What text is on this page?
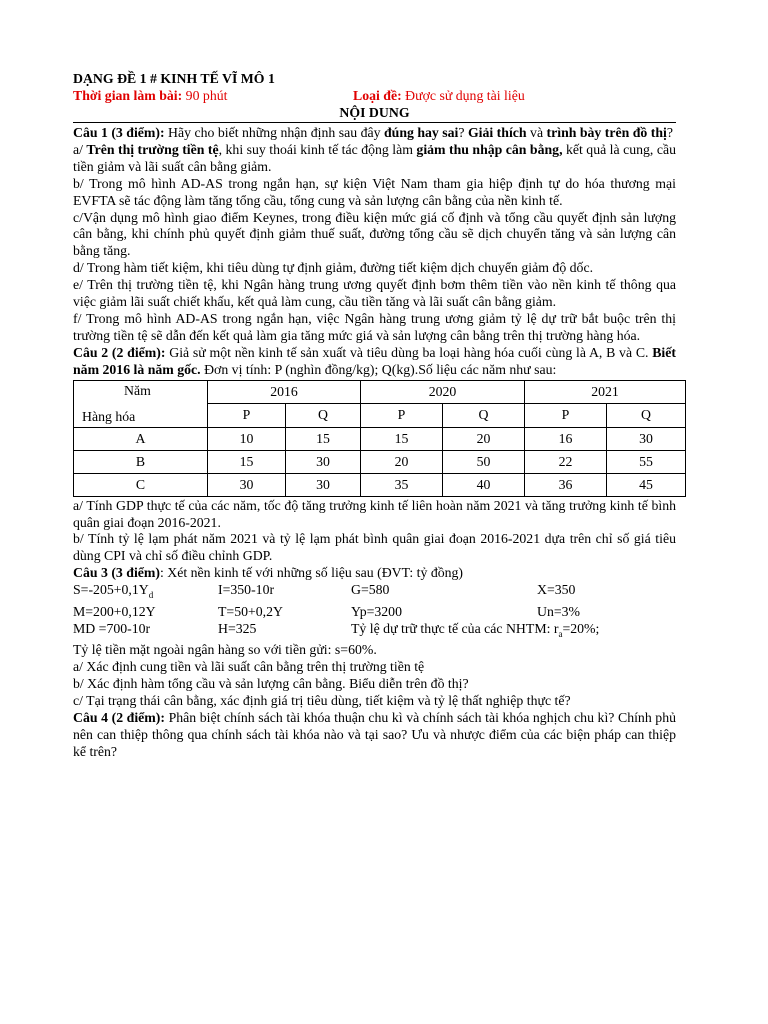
DẠNG ĐỀ 1 # KINH TẾ VĨ MÔ 1
Thời gian làm bài: 90 phút	Loại đề: Được sử dụng tài liệu
NỘI DUNG
Câu 1 (3 điểm): Hãy cho biết những nhận định sau đây đúng hay sai? Giải thích và trình bày trên đồ thị?
a/ Trên thị trường tiền tệ, khi suy thoái kinh tế tác động làm giảm thu nhập cân bằng, kết quả là cung, cầu tiền giảm và lãi suất cân bằng giảm.
b/ Trong mô hình AD-AS trong ngắn hạn, sự kiện Việt Nam tham gia hiệp định tự do hóa thương mại EVFTA sẽ tác động làm tăng tổng cầu, tổng cung và sản lượng cân bằng của nền kinh tế.
c/Vận dụng mô hình giao điểm Keynes, trong điều kiện mức giá cố định và tổng cầu quyết định sản lượng cân bằng, khi chính phủ quyết định giảm thuế suất, đường tổng cầu sẽ dịch chuyển tăng và sản lượng cân bằng tăng.
d/ Trong hàm tiết kiệm, khi tiêu dùng tự định giảm, đường tiết kiệm dịch chuyển giảm độ dốc.
e/ Trên thị trường tiền tệ, khi Ngân hàng trung ương quyết định bơm thêm tiền vào nền kinh tế thông qua việc giảm lãi suất chiết khấu, kết quả làm cung, cầu tiền tăng và lãi suất cân bằng giảm.
f/ Trong mô hình AD-AS trong ngắn hạn, việc Ngân hàng trung ương giảm tỷ lệ dự trữ bắt buộc trên thị trường tiền tệ sẽ dẫn đến kết quả làm gia tăng mức giá và sản lượng cân bằng trên thị trường hàng hóa.
Câu 2 (2 điểm): Giả sử một nền kinh tế sản xuất và tiêu dùng ba loại hàng hóa cuối cùng là A, B và C. Biết năm 2016 là năm gốc. Đơn vị tính: P (nghìn đồng/kg); Q(kg).Số liệu các năm như sau:
Năm
Hàng hóa	2016		2020		2021	
	P	Q	P	Q	P	Q
A	10	15	15	20	16	30
B	15	30	20	50	22	55
C	30	30	35	40	36	45
a/ Tính GDP thực tế của các năm, tốc độ tăng trưởng kinh tế liên hoàn năm 2021 và tăng trưởng kinh tế bình quân giai đoạn 2016-2021.
b/ Tính tỷ lệ lạm phát năm 2021 và tỷ lệ lạm phát bình quân giai đoạn 2016-2021 dựa trên chỉ số giá tiêu dùng CPI và chỉ số điều chỉnh GDP.
Câu 3 (3 điểm): Xét nền kinh tế với những số liệu sau (ĐVT: tỷ đồng)
$S=-205+0,1Y_d$	I=350-10r	G=580	X=350
M=200+0,12Y	T=50+0,2Y	Yp=3200	Un=3%
MD =700-10r	H=325	Tỷ lệ dự trữ thực tế của các NHTM: $r_a=20\%$;
Tỷ lệ tiền mặt ngoài ngân hàng so với tiền gửi: s=60%.
a/ Xác định cung tiền và lãi suất cân bằng trên thị trường tiền tệ
b/ Xác định hàm tổng cầu và sản lượng cân bằng. Biểu diễn trên đồ thị?
c/ Tại trạng thái cân bằng, xác định giá trị tiêu dùng, tiết kiệm và tỷ lệ thất nghiệp thực tế?
Câu 4 (2 điểm): Phân biệt chính sách tài khóa thuận chu kì và chính sách tài khóa nghịch chu kì? Chính phủ nên can thiệp thông qua chính sách tài khóa nào và tại sao? Ưu và nhược điểm của các biện pháp can thiệp kể trên?
